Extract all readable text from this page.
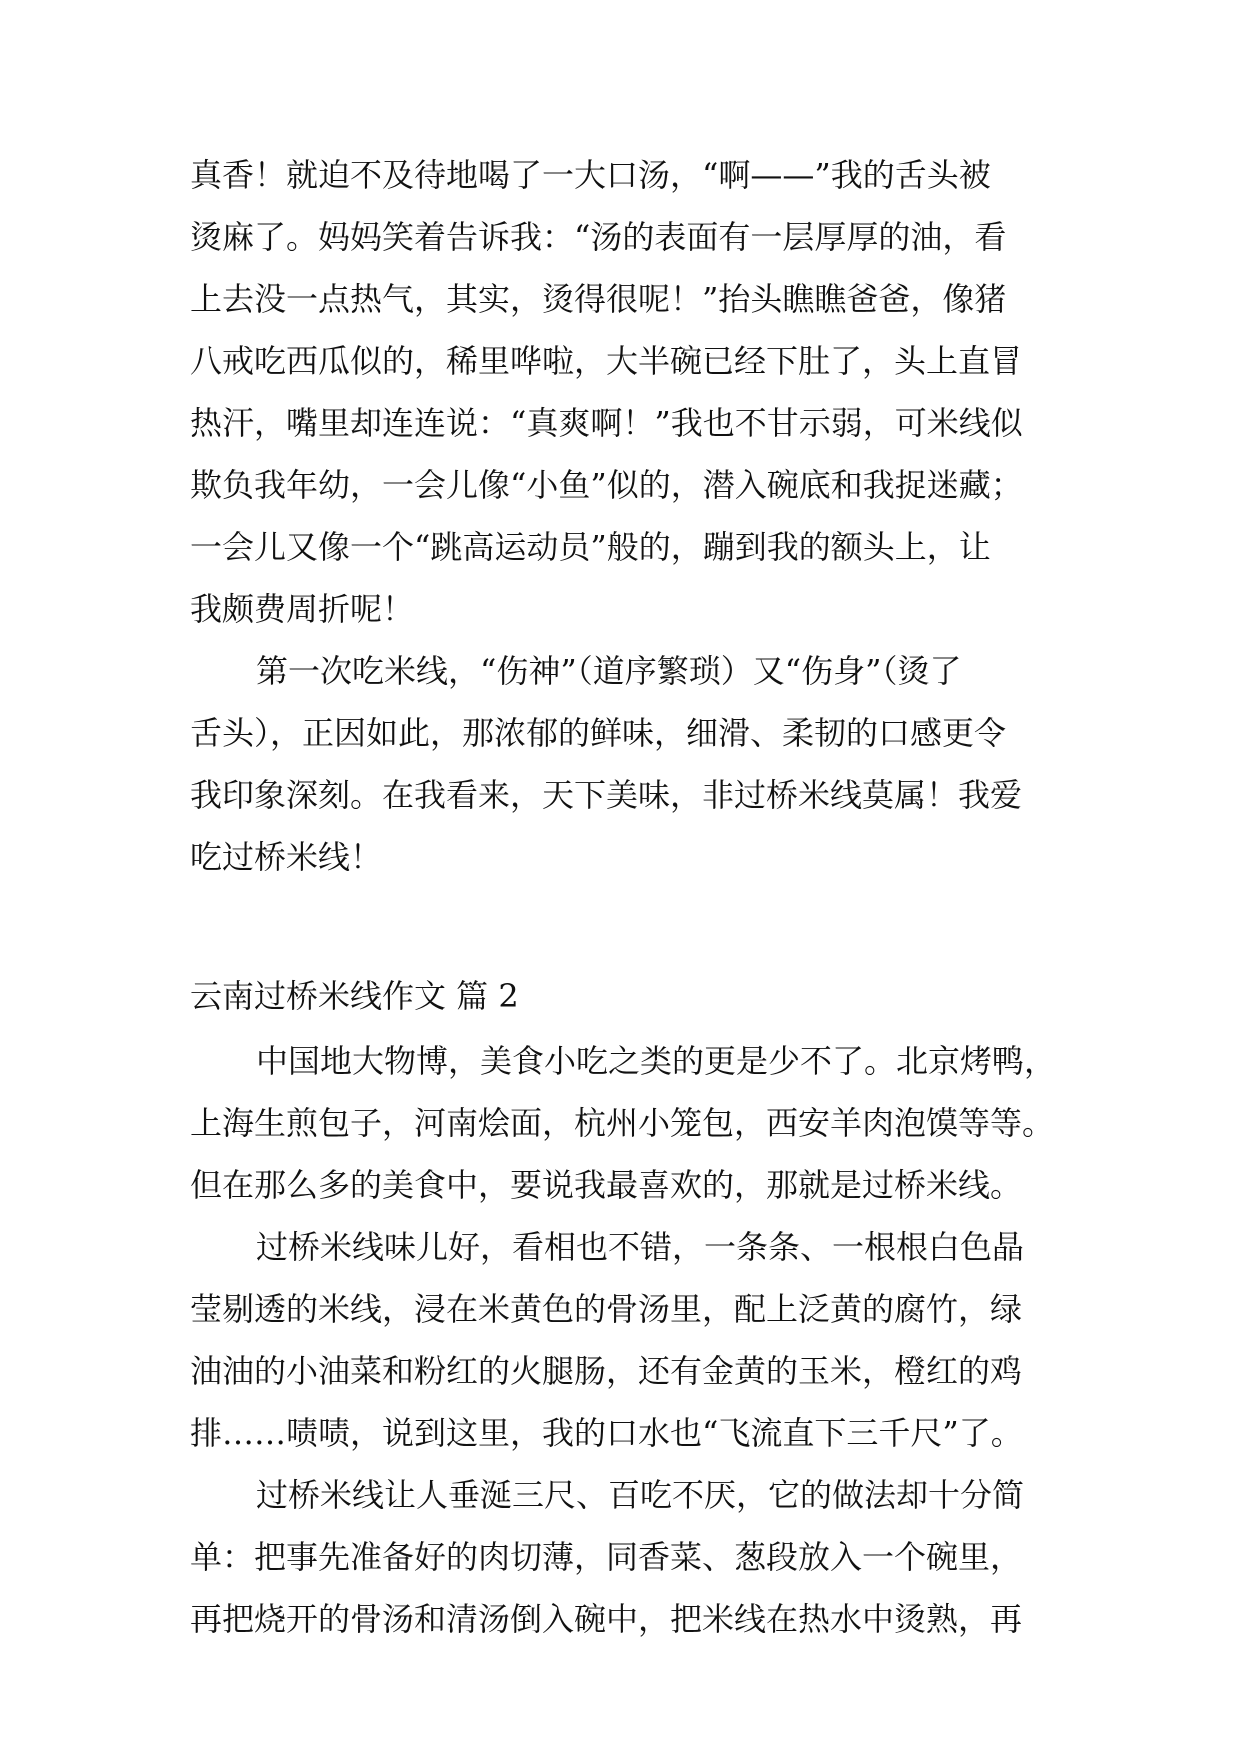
真香！就迫不及待地喝了一大口汤，“啊——”我的舌头被
烫麻了。妈妈笑着告诉我：“汤的表面有一层厚厚的油，看
上去没一点热气，其实，烫得很呢！”抬头瞧瞧爸爸，像猪
八戒吃西瓜似的，稀里哗啦，大半碗已经下肚了，头上直冒
热汗，嘴里却连连说：“真爽啊！”我也不甘示弱，可米线似
欺负我年幼，一会儿像“小鱼”似的，潜入碗底和我捉迷藏；
一会儿又像一个“跳高运动员”般的，蹦到我的额头上，让
我颇费周折呢！
第一次吃米线，“伤神”（道序繁琐）又“伤身”（烫了
舌头），正因如此，那浓郁的鲜味，细滑、柔韧的口感更令
我印象深刻。在我看来，天下美味，非过桥米线莫属！我爱
吃过桥米线！
云南过桥米线作文 篇 2
中国地大物博，美食小吃之类的更是少不了。北京烤鸭，
上海生煎包子，河南烩面，杭州小笼包，西安羊肉泡馍等等。
但在那么多的美食中，要说我最喜欢的，那就是过桥米线。
过桥米线味儿好，看相也不错，一条条、一根根白色晶
莹剔透的米线，浸在米黄色的骨汤里，配上泛黄的腐竹，绿
油油的小油菜和粉红的火腿肠，还有金黄的玉米，橙红的鸡
排……啧啧，说到这里，我的口水也“飞流直下三千尺”了。
过桥米线让人垂涎三尺、百吃不厌，它的做法却十分简
单：把事先准备好的肉切薄，同香菜、葱段放入一个碗里，
再把烧开的骨汤和清汤倒入碗中，把米线在热水中烫熟，再
